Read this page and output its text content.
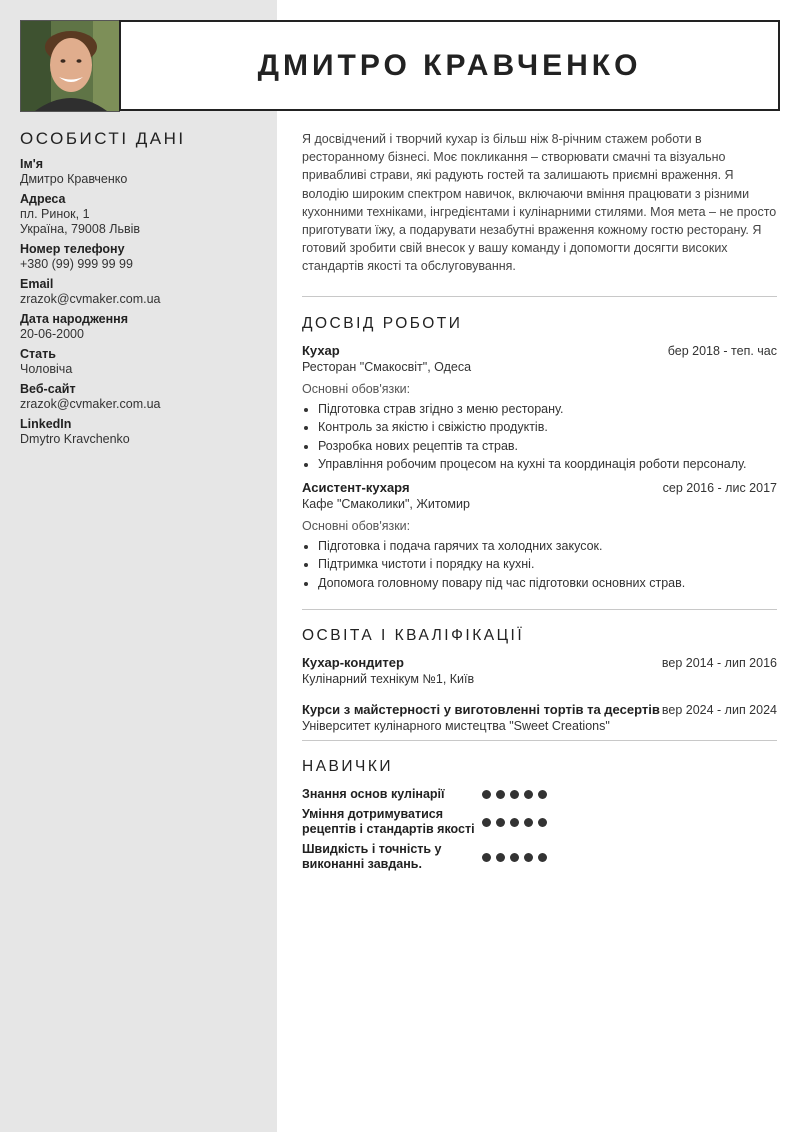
ДМИТРО КРАВЧЕНКО
ОСОБИСТІ ДАНІ
Ім'я
Дмитро Кравченко
Адреса
пл. Ринок, 1
Україна, 79008 Львів
Номер телефону
+380 (99) 999 99 99
Email
zrazok@cvmaker.com.ua
Дата народження
20-06-2000
Стать
Чоловіча
Веб-сайт
zrazok@cvmaker.com.ua
LinkedIn
Dmytro Kravchenko

Я досвідчений і творчий кухар із більш ніж 8-річним стажем роботи в ресторанному бізнесі. Моє покликання – створювати смачні та візуально привабливі страви, які радують гостей та залишають приємні враження. Я володію широким спектром навичок, включаючи вміння працювати з різними кухонними техніками, інгредієнтами і кулінарними стилями. Моя мета – не просто приготувати їжу, а подарувати незабутні враження кожному гостю ресторану. Я готовий зробити свій внесок у вашу команду і допомогти досягти високих стандартів якості та обслуговування.

ДОСВІД РОБОТИ
Кухар	бер 2018 - теп. час
Ресторан "Смакосвіт", Одеса
Основні обов'язки:
• Підготовка страв згідно з меню ресторану.
• Контроль за якістю і свіжістю продуктів.
• Розробка нових рецептів та страв.
• Управління робочим процесом на кухні та координація роботи персоналу.
Асистент-кухаря	сер 2016 - лис 2017
Кафе "Смаколики", Житомир
Основні обов'язки:
• Підготовка і подача гарячих та холодних закусок.
• Підтримка чистоти і порядку на кухні.
• Допомога головному повару під час підготовки основних страв.
ОСВІТА І КВАЛІФІКАЦІЇ
Кухар-кондитер	вер 2014 - лип 2016
Кулінарний технікум №1, Київ
Курси з майстерності у виготовленні тортів та десертів вер 2024 - лип 2024
Університет кулінарного мистецтва "Sweet Creations"
НАВИЧКИ
Знання основ кулінарії
Уміння дотримуватися рецептів і стандартів якості
Швидкість і точність у виконанні завдань.
